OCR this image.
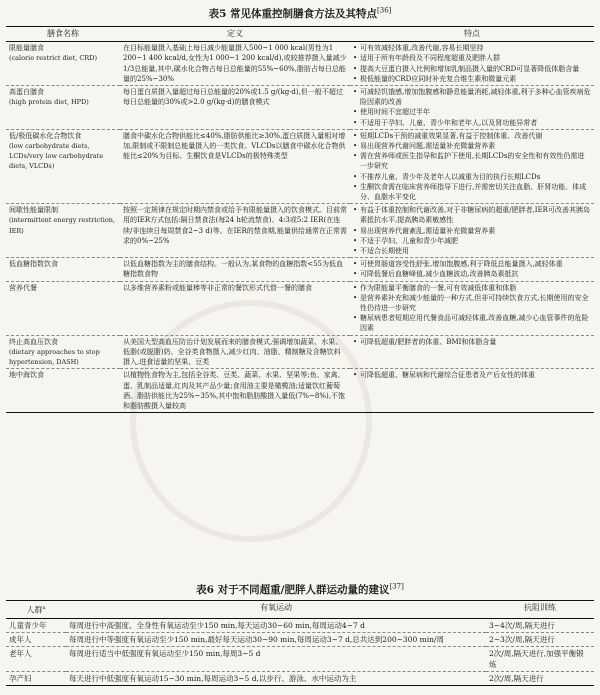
表5 常见体重控制膳食方法及其特点[36]

膳食名称	定义	特点

限能量膳食
(calorie restrict diet, CRD)	在目标能量摄入基础上每日减少能量摄入500~1 000 kcal(男性为1 200~1 400 kcal/d,女性为1 000~1 200 kcal/d),或较推荐摄入量减少1/3总能量,其中,碳水化合物占每日总能量的55%~60%,脂肪占每日总能量的25%~30%	• 可有效减轻体重,改善代谢,容易长期坚持
• 适用于所有年龄段及不同程度超重及肥胖人群
• 提高大豆蛋白摄入比例和增加乳制品摄入量的CRD可显著降低体脂含量
• 极低能量的CRD应同时补充复合维生素和微量元素

高蛋白膳食
(high protein diet, HPD)	每日蛋白质摄入量超过每日总能量的20%或1.5 g/(kg·d),但一般不超过每日总能量的30%或>2.0 g/(kg·d)的膳食模式	• 可减轻饥饿感,增加饱腹感和静息能量消耗,减轻体重,利于多种心血管疾病危险因素的改善
• 使用时间不宜超过半年
• 不适用于孕妇、儿童、青少年和老年人,以及肾功能异常者

低/极低碳水化合物饮食
(low carbohydrate diets, LCDs/very low carbohydrate diets, VLCDs)	膳食中碳水化合物供能比≤40%,脂肪供能比≥30%,蛋白质摄入量相对增加,限制或不限制总能量摄入的一类饮食。VLCDs以膳食中碳水化合物供能比≤20%为目标。生酮饮食是VLCDs的极特殊类型	• 短期LCDs干预的减重效果显著,有益于控制体重、改善代谢
• 易出现营养代谢问题,需适量补充微量营养素
• 需在营养师或医生指导和监护下使用,长期LCDs的安全性和有效性仍需进一步研究
• 不推荐儿童、青少年及老年人以减重为目的执行长期LCDs
• 生酮饮食需在临床营养师指导下进行,并需密切关注血脂、肝肾功能、体成分、血脂水平变化

间歇性能量限制
(intermittent energy restriction, IER)	按照一定规律在规定时期内禁食或给予有限能量摄入的饮食模式。目前常用的IER方式包括:隔日禁食法(每24 h轮流禁食)、4:3或5:2 IER(在连续/非连续日每周禁食2~3 d)等。在IER的禁食期,能量供给通常在正常需求的0%~25%	• 有益于体重控制和代谢改善,对于非糖尿病的超重/肥胖者,IER可改善其胰岛素抵抗水平,提高胰岛素敏感性
• 易出现营养代谢紊乱,需适量补充微量营养素
• 不适于孕妇、儿童和青少年减肥
• 不适合长期使用

低血糖指数饮食	以低血糖指数为主的膳食结构。一般认为,某食物的血糖指数<55为低血糖指数食物	• 可使胃肠道容受性舒张,增加饱腹感,利于降低总能量摄入,减轻体重
• 可降低餐后血糖峰值,减少血糖波动,改善胰岛素抵抗

营养代餐	以多维营养素粉或能量棒等非正常的餐饮形式代替一餐的膳食	• 作为限能量平衡膳食的一餐,可有效减低体重和体脂
• 是营养素补充和减少能量的一种方式,但非可持续饮食方式,长期使用的安全性仍待进一步研究
• 糖尿病患者短期应用代餐食品可减轻体重,改善血糖,减少心血管事件的危险因素

终止高血压饮食
(dietary approaches to stop hypertension, DASH)	从美国大型高血压防治计划发展而来的膳食模式,强调增加蔬菜、水果、低脂(或脱脂)奶、全谷类食物摄入,减少红肉、油脂、精制糖及含糖饮料摄入,进食适量的坚果、豆类	• 可降低超重/肥胖者的体重、BMI和体脂含量

地中海饮食	以植物性食物为主,包括全谷类、豆类、蔬菜、水果、坚果等;鱼、家禽、蛋、乳制品适量,红肉及其产品少量;食用油主要是橄榄油;适量饮红葡萄酒。脂肪供能比为25%~35%,其中饱和脂肪酸摄入量低(7%~8%),不饱和脂肪酸摄入量较高	• 可降低超重、糖尿病和代谢综合征患者及产后女性的体重

表6 对于不同超重/肥胖人群运动量的建议[37]

人群$^a$	有氧运动	抗阻训练
儿童青少年	每周进行中高强度、全身性有氧运动至少150 min,每天运动30~60 min,每周运动4~7 d	3~4次/周,隔天进行
成年人	每周进行中等强度有氧运动至少150 min,最好每天运动30~90 min,每周运动3~7 d,总共达到200~300 min/周	2~3次/周,隔天进行
老年人	每周进行适当中低强度有氧运动至少150 min,每周3~5 d	2次/周,隔天进行,加强平衡锻炼
孕产妇	每天进行中低强度有氧运动15~30 min,每周运动3~5 d,以步行、游泳、水中运动为主	2次/周,隔天进行
